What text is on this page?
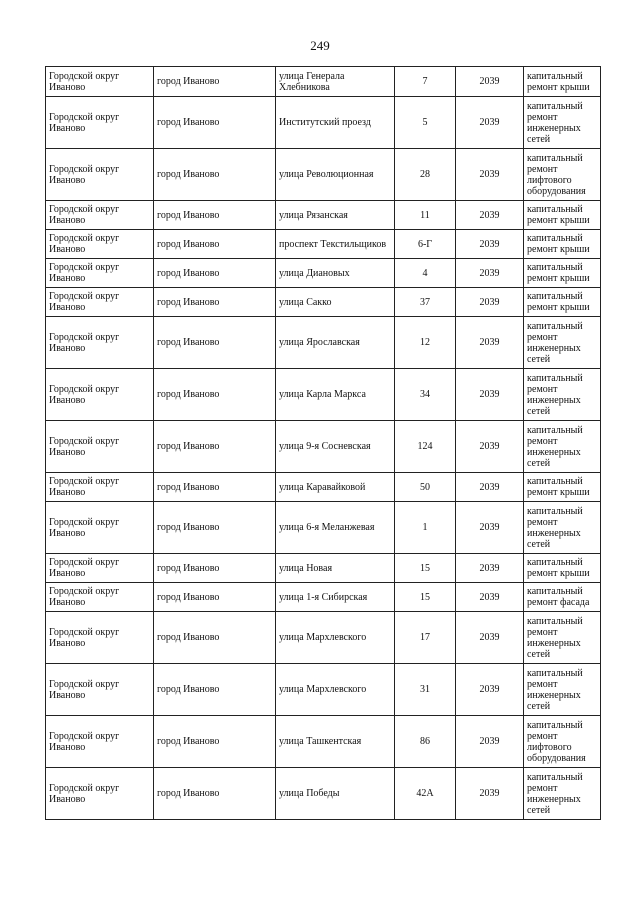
249
Городской округ Иваново	город Иваново	улица Генерала Хлебникова	7	2039	капитальный ремонт крыши
Городской округ Иваново	город Иваново	Институтский проезд	5	2039	капитальный ремонт инженерных сетей
Городской округ Иваново	город Иваново	улица Революционная	28	2039	капитальный ремонт лифтового оборудования
Городской округ Иваново	город Иваново	улица Рязанская	11	2039	капитальный ремонт крыши
Городской округ Иваново	город Иваново	проспект Текстильщиков	6-Г	2039	капитальный ремонт крыши
Городской округ Иваново	город Иваново	улица Диановых	4	2039	капитальный ремонт крыши
Городской округ Иваново	город Иваново	улица Сакко	37	2039	капитальный ремонт крыши
Городской округ Иваново	город Иваново	улица Ярославская	12	2039	капитальный ремонт инженерных сетей
Городской округ Иваново	город Иваново	улица Карла Маркса	34	2039	капитальный ремонт инженерных сетей
Городской округ Иваново	город Иваново	улица 9-я Сосневская	124	2039	капитальный ремонт инженерных сетей
Городской округ Иваново	город Иваново	улица Каравайковой	50	2039	капитальный ремонт крыши
Городской округ Иваново	город Иваново	улица 6-я Меланжевая	1	2039	капитальный ремонт инженерных сетей
Городской округ Иваново	город Иваново	улица Новая	15	2039	капитальный ремонт крыши
Городской округ Иваново	город Иваново	улица 1-я Сибирская	15	2039	капитальный ремонт фасада
Городской округ Иваново	город Иваново	улица Мархлевского	17	2039	капитальный ремонт инженерных сетей
Городской округ Иваново	город Иваново	улица Мархлевского	31	2039	капитальный ремонт инженерных сетей
Городской округ Иваново	город Иваново	улица Ташкентская	86	2039	капитальный ремонт лифтового оборудования
Городской округ Иваново	город Иваново	улица Победы	42А	2039	капитальный ремонт инженерных сетей
